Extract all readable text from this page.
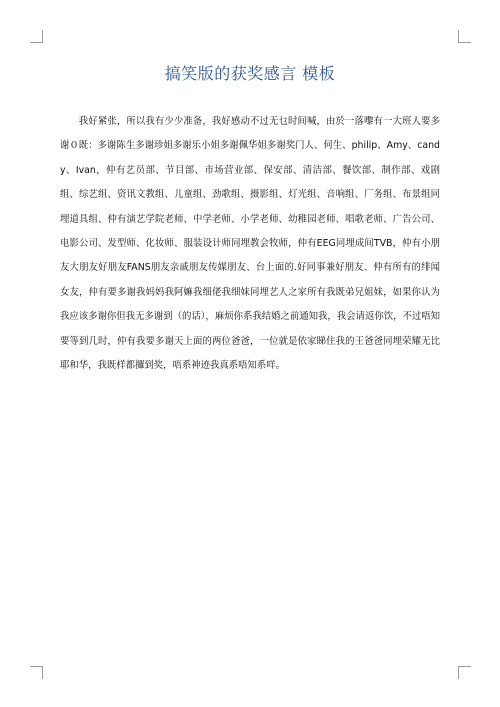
搞笑版的获奖感言 模板

我好紧张，所以我有少少准备，我好感动不过无乜时间喊，由於一落嚟有一大班人要多谢０既：多谢陈生多谢珍姐多谢乐小姐多谢佩华姐多谢奖门人、何生、philip、Amy、candy、Ivan，仲有艺员部、节目部、市场营业部、保安部、清洁部、餐饮部、制作部、戏剧组、综艺组、资讯文教组、儿童组、劲歌组、摄影组、灯光组、音响组、厂务组、布景组同埋道具组、仲有演艺学院老师、中学老师、小学老师、幼稚园老师、唱歌老师、广告公司、电影公司、发型师、化妆师、服装设计师同埋教会牧师，仲有EEG同埋成间TVB，仲有小朋友大朋友好朋友FANS朋友亲戚朋友传媒朋友、台上面的.好同事兼好朋友、仲有所有的绯闻女友，仲有要多谢我妈妈我阿嫲我细佬我细妹同埋艺人之家所有我既弟兄姐妹，如果你认为我应该多谢你但我无多谢到（的话），麻烦你系我结婚之前通知我，我会请返你饮，不过唔知要等到几时，仲有我要多谢天上面的两位爸爸，一位就是依家睇住我的王爸爸同埋荣耀无比耶和华，我既样都攞到奖，唔系神迹我真系唔知系咩。
